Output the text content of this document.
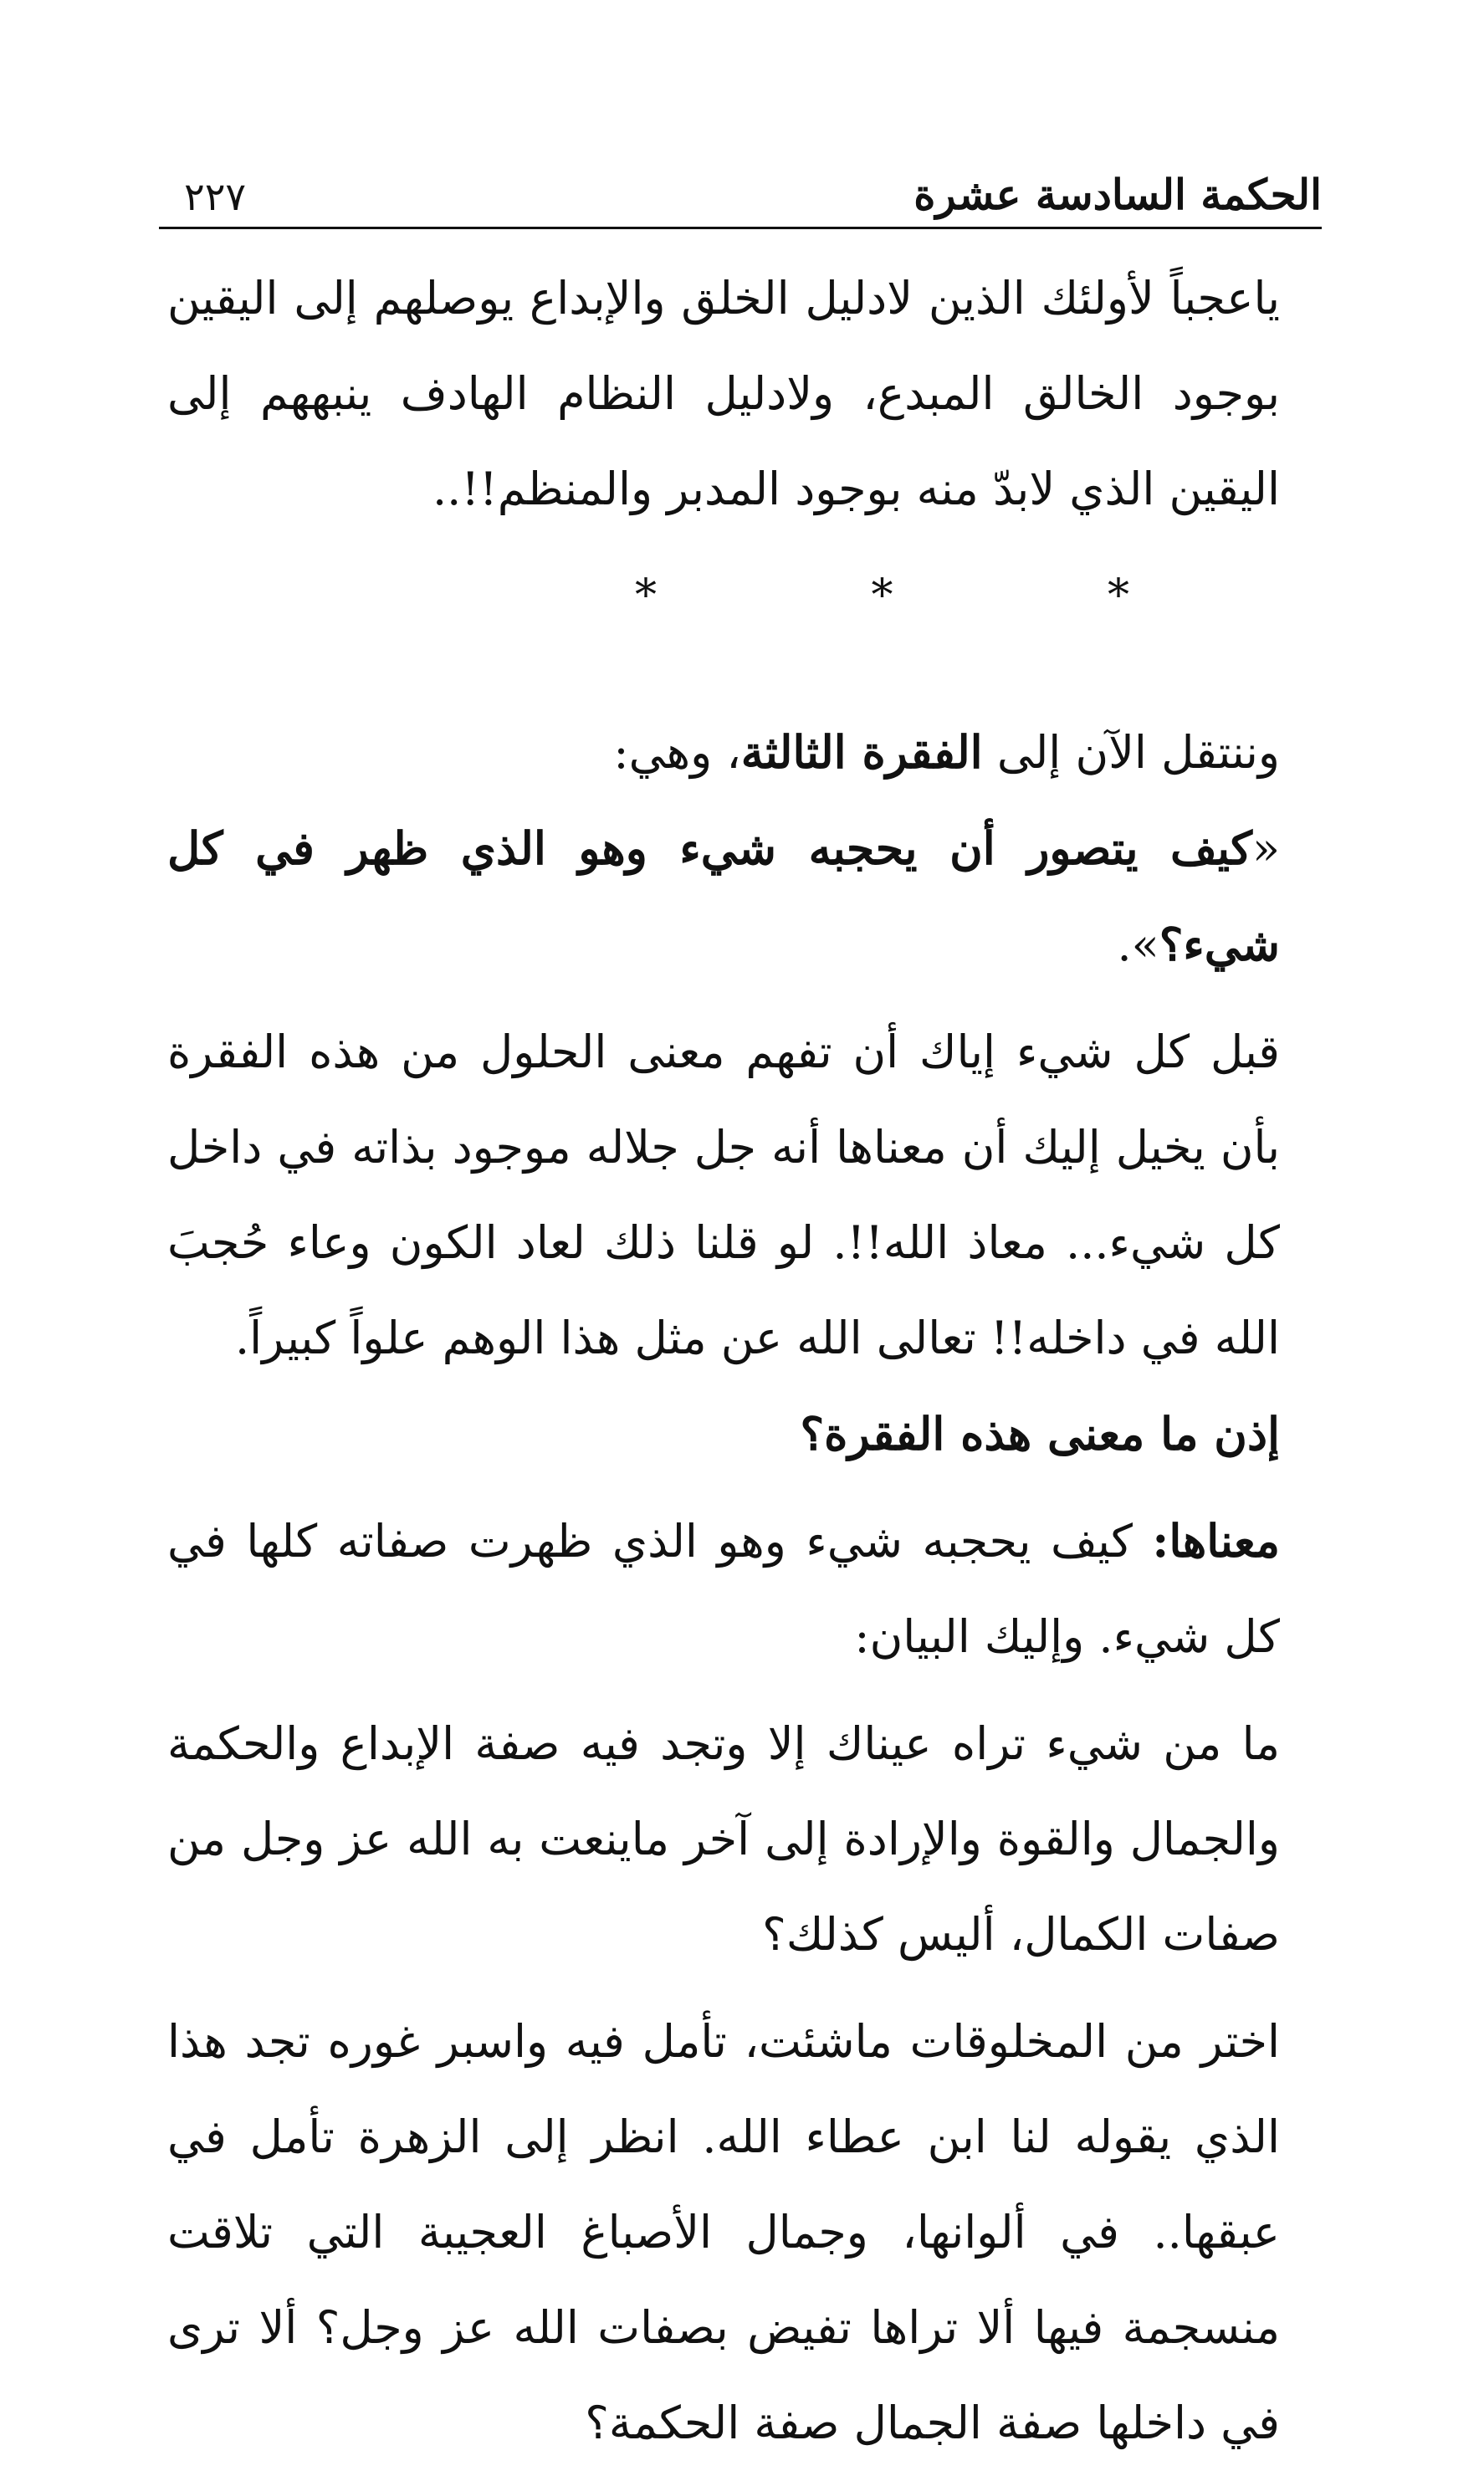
الحكمة السادسة عشرة
٢٢٧

ياعجباً لأولئك الذين لادليل الخلق والإبداع يوصلهم إلى اليقين بوجود الخالق المبدع، ولادليل النظام الهادف ينبههم إلى اليقين الذي لابدّ منه بوجود المدبر والمنظم!!..

* * *

وننتقل الآن إلى الفقرة الثالثة، وهي:

«كيف يتصور أن يحجبه شيء وهو الذي ظهر في كل شيء؟».

قبل كل شيء إياك أن تفهم معنى الحلول من هذه الفقرة بأن يخيل إليك أن معناها أنه جل جلاله موجود بذاته في داخل كل شيء... معاذ الله!!. لو قلنا ذلك لعاد الكون وعاء حُجبَ الله في داخله!! تعالى الله عن مثل هذا الوهم علواً كبيراً.

إذن ما معنى هذه الفقرة؟

معناها: كيف يحجبه شيء وهو الذي ظهرت صفاته كلها في كل شيء. وإليك البيان:

ما من شيء تراه عيناك إلا وتجد فيه صفة الإبداع والحكمة والجمال والقوة والإرادة إلى آخر ماينعت به الله عز وجل من صفات الكمال، أليس كذلك؟

اختر من المخلوقات ماشئت، تأمل فيه واسبر غوره تجد هذا الذي يقوله لنا ابن عطاء الله. انظر إلى الزهرة تأمل في عبقها.. في ألوانها، وجمال الأصباغ العجيبة التي تلاقت منسجمة فيها ألا تراها تفيض بصفات الله عز وجل؟ ألا ترى في داخلها صفة الجمال صفة الحكمة؟
